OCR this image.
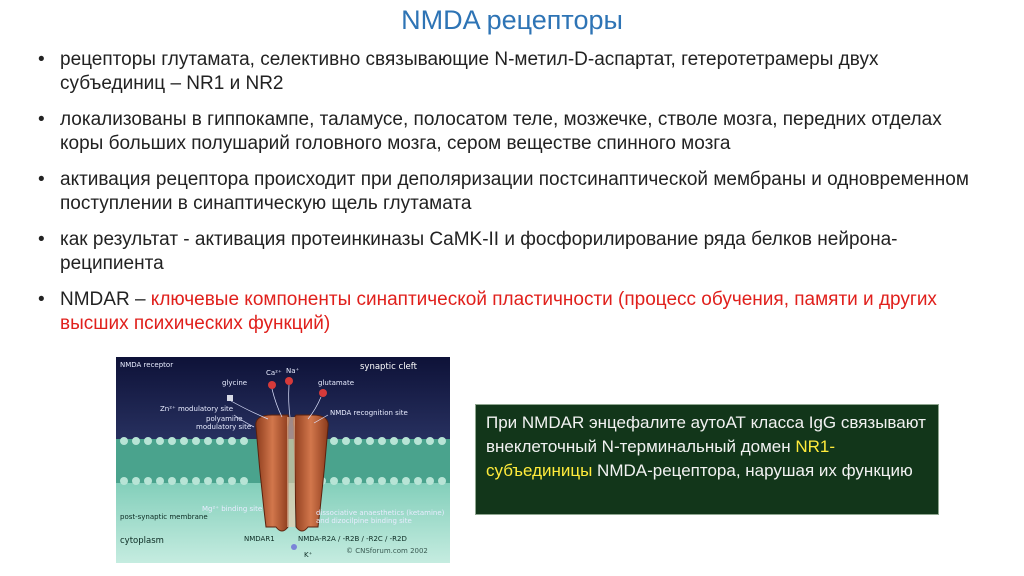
NMDA рецепторы
• рецепторы глутамата, селективно связывающие N-метил-D-аспартат, гетеротетрамеры двух субъединиц – NR1 и NR2
• локализованы в гиппокампе, таламусе, полосатом теле, мозжечке, стволе мозга, передних отделах коры больших полушарий головного мозга, сером веществе спинного мозга
• активация рецептора происходит при деполяризации постсинаптической мембраны и одновременном поступлении в синаптическую щель глутамата
• как результат - активация протеинкиназы CaMK-II и фосфорилирование ряда белков нейрона-реципиента
• NMDAR – ключевые компоненты синаптической пластичности (процесс обучения, памяти и других высших психических функций)
NMDA receptor	synaptic cleft
glycine
Ca²⁺ Na⁺
glutamate
Zn²⁺ modulatory site
polyamine
modulatory site
NMDA recognition site
Mg²⁺ binding site	dissociative anaesthetics (ketamine)
and dizocilpine binding site
post-synaptic membrane
cytoplasm	NMDAR1	NMDA-R2A / -R2B / -R2C / -R2D
© CNSforum.com 2002
K⁺
При NMDAR энцефалите аутоАТ класса IgG связывают внеклеточный N-терминальный домен NR1-субъединицы NMDA-рецептора, нарушая их функцию
